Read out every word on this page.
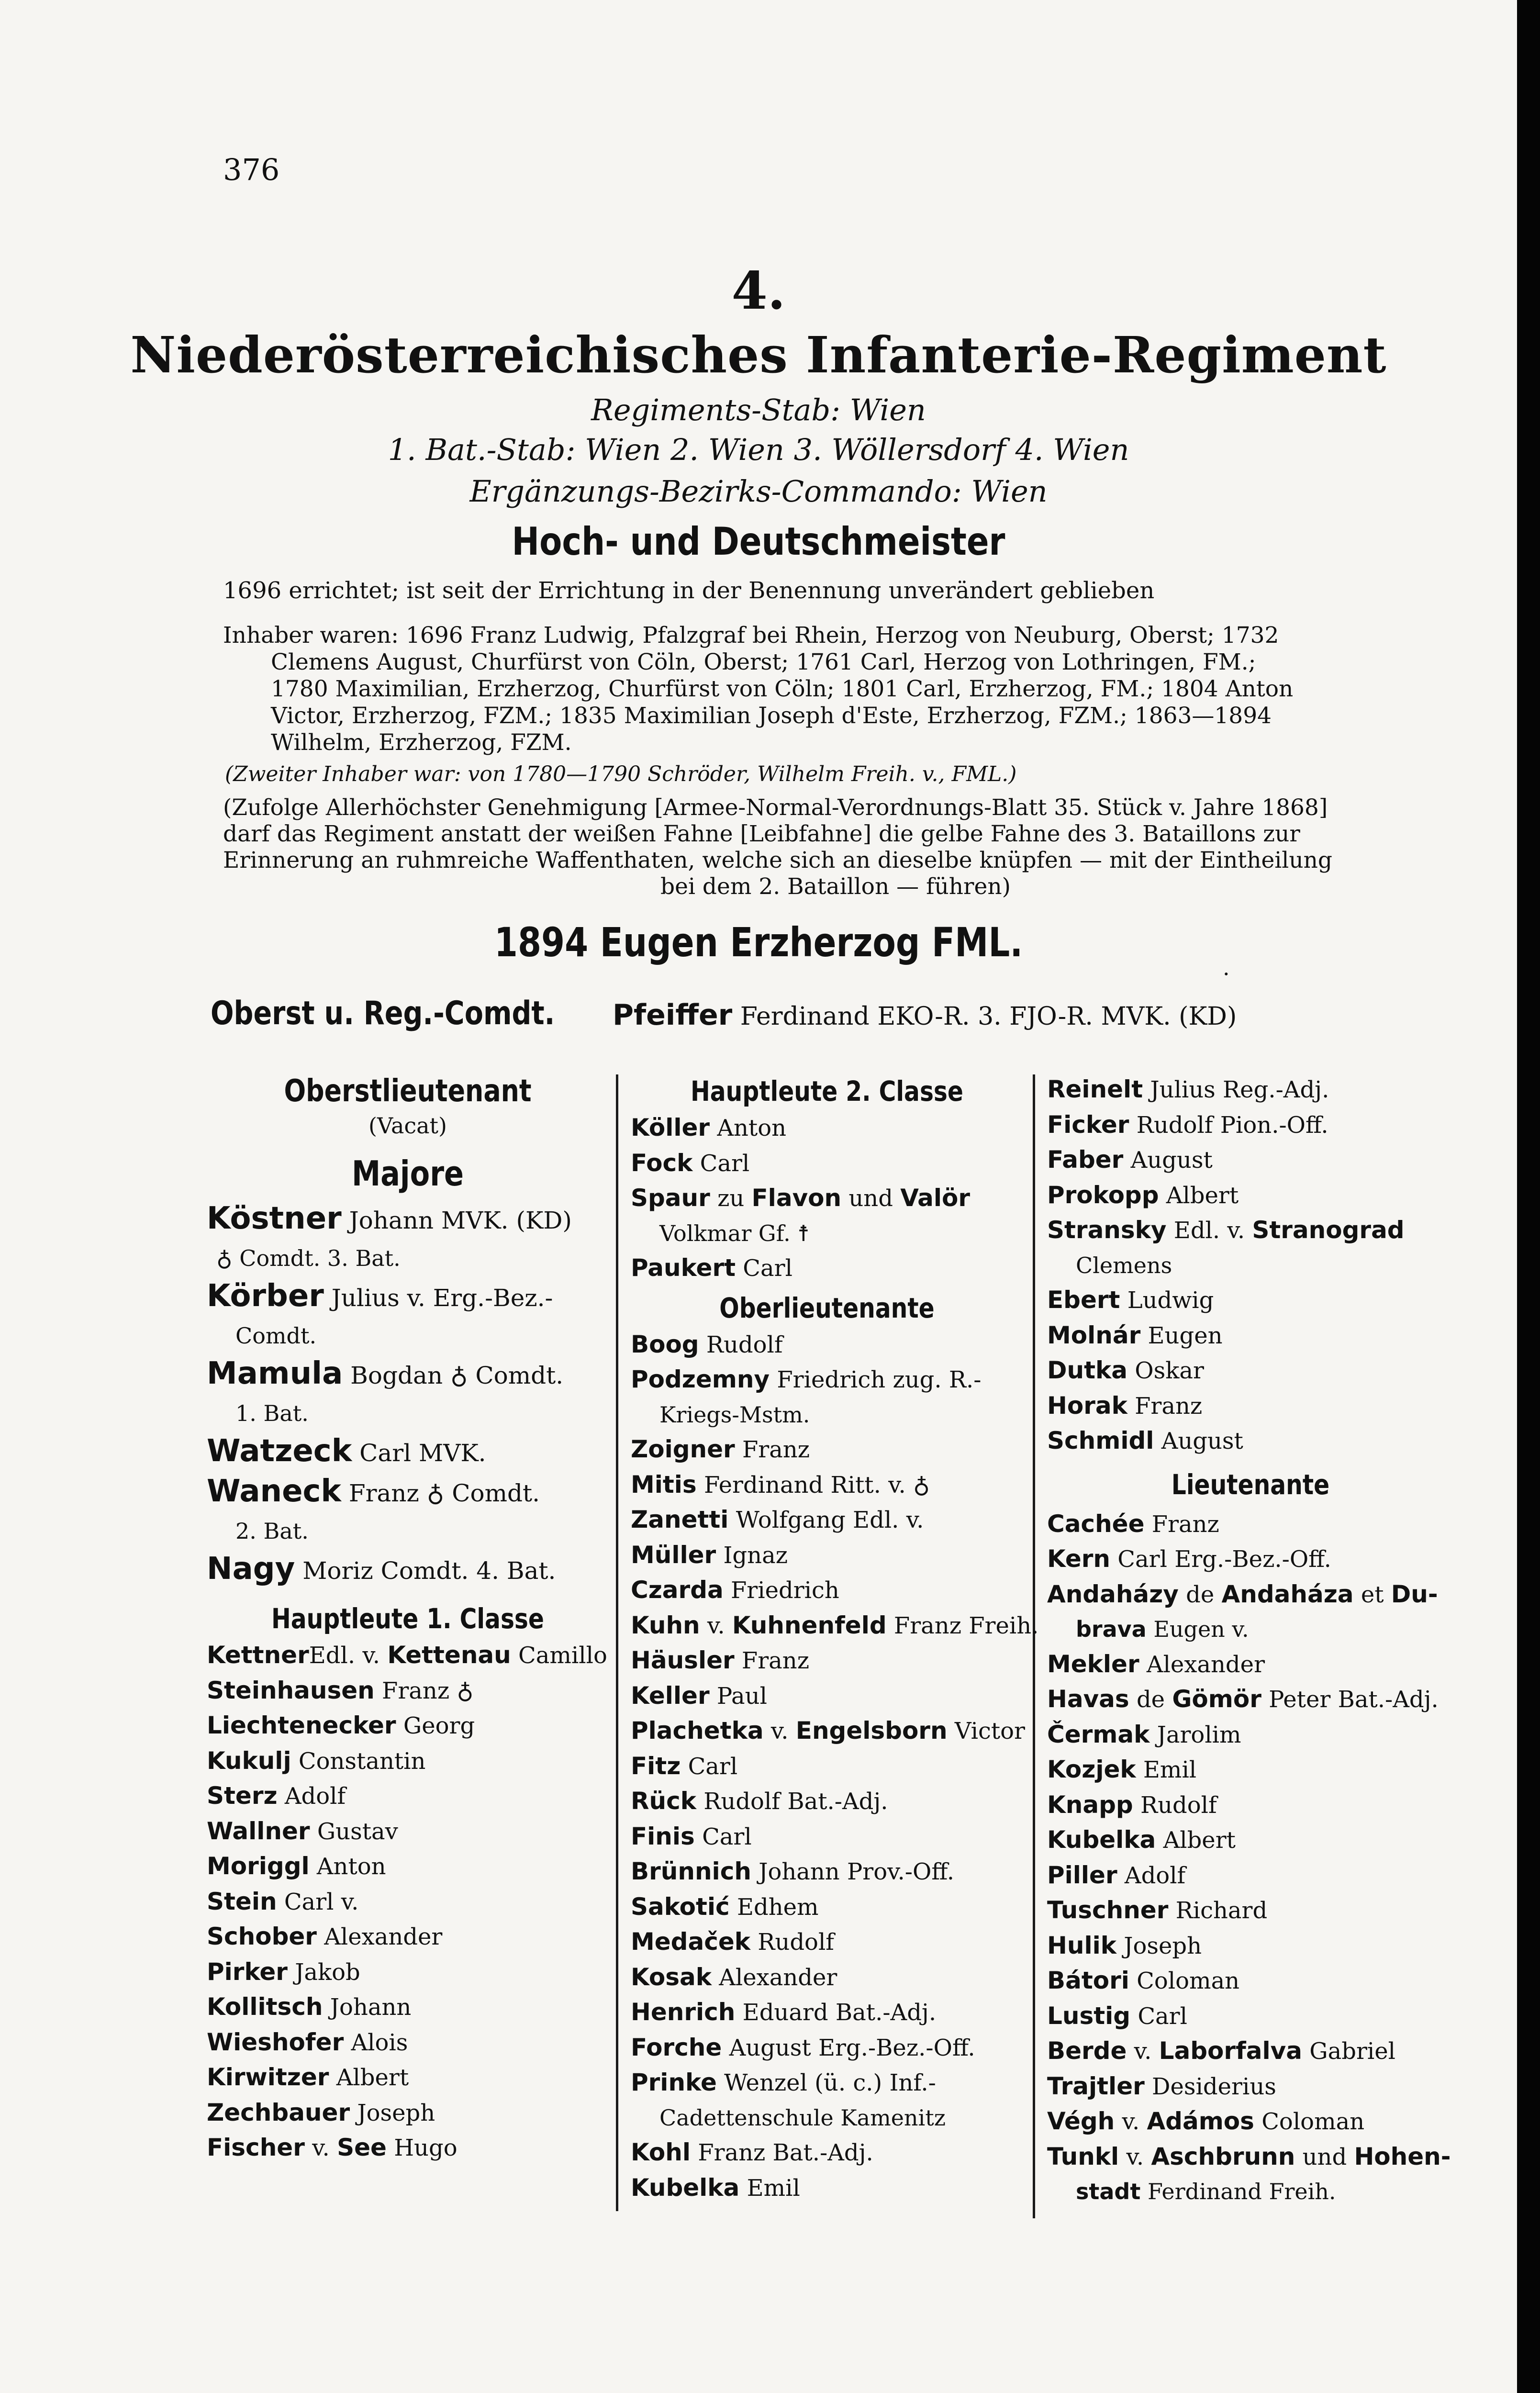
376
4.
Niederösterreichisches Infanterie-Regiment
Regiments-Stab: Wien
1. Bat.-Stab: Wien 2. Wien 3. Wöllersdorf 4. Wien
Ergänzungs-Bezirks-Commando: Wien
Hoch- und Deutschmeister
1696 errichtet; ist seit der Errichtung in der Benennung unverändert geblieben
Inhaber waren: 1696 Franz Ludwig, Pfalzgraf bei Rhein, Herzog von Neuburg, Oberst; 1732
Clemens August, Churfürst von Cöln, Oberst; 1761 Carl, Herzog von Lothringen, FM.;
1780 Maximilian, Erzherzog, Churfürst von Cöln; 1801 Carl, Erzherzog, FM.; 1804 Anton
Victor, Erzherzog, FZM.; 1835 Maximilian Joseph d'Este, Erzherzog, FZM.; 1863—1894
Wilhelm, Erzherzog, FZM.
(Zweiter Inhaber war: von 1780—1790 Schröder, Wilhelm Freih. v., FML.)
(Zufolge Allerhöchster Genehmigung [Armee-Normal-Verordnungs-Blatt 35. Stück v. Jahre 1868]
darf das Regiment anstatt der weißen Fahne [Leibfahne] die gelbe Fahne des 3. Bataillons zur
Erinnerung an ruhmreiche Waffenthaten, welche sich an dieselbe knüpfen — mit der Eintheilung
bei dem 2. Bataillon — führen)
1894 Eugen Erzherzog FML.
·
Oberst u. Reg.-Comdt. Pfeiffer Ferdinand EKO-R. 3. FJO-R. MVK. (KD)
Oberstlieutenant
(Vacat)
Majore
Köstner Johann MVK. (KD)
♁ Comdt. 3. Bat.
Körber Julius v. Erg.-Bez.-
Comdt.
Mamula Bogdan ♁ Comdt.
1. Bat.
Watzeck Carl MVK.
Waneck Franz ♁ Comdt.
2. Bat.
Nagy Moriz Comdt. 4. Bat.
Hauptleute 1. Classe
KettnerEdl. v. Kettenau Camillo
Steinhausen Franz ♁
Liechtenecker Georg
Kukulj Constantin
Sterz Adolf
Wallner Gustav
Moriggl Anton
Stein Carl v.
Schober Alexander
Pirker Jakob
Kollitsch Johann
Wieshofer Alois
Kirwitzer Albert
Zechbauer Joseph
Fischer v. See Hugo
Hauptleute 2. Classe
Köller Anton
Fock Carl
Spaur zu Flavon und Valör
Volkmar Gf. ☨
Paukert Carl
Oberlieutenante
Boog Rudolf
Podzemny Friedrich zug. R.-
Kriegs-Mstm.
Zoigner Franz
Mitis Ferdinand Ritt. v. ♁
Zanetti Wolfgang Edl. v.
Müller Ignaz
Czarda Friedrich
Kuhn v. Kuhnenfeld Franz Freih.
Häusler Franz
Keller Paul
Plachetka v. Engelsborn Victor
Fitz Carl
Rück Rudolf Bat.-Adj.
Finis Carl
Brünnich Johann Prov.-Off.
Sakotić Edhem
Medaček Rudolf
Kosak Alexander
Henrich Eduard Bat.-Adj.
Forche August Erg.-Bez.-Off.
Prinke Wenzel (ü. c.) Inf.-
Cadettenschule Kamenitz
Kohl Franz Bat.-Adj.
Kubelka Emil
Reinelt Julius Reg.-Adj.
Ficker Rudolf Pion.-Off.
Faber August
Prokopp Albert
Stransky Edl. v. Stranograd
Clemens
Ebert Ludwig
Molnár Eugen
Dutka Oskar
Horak Franz
Schmidl August
Lieutenante
Cachée Franz
Kern Carl Erg.-Bez.-Off.
Andaházy de Andaháza et Du-
brava Eugen v.
Mekler Alexander
Havas de Gömör Peter Bat.-Adj.
Čermak Jarolim
Kozjek Emil
Knapp Rudolf
Kubelka Albert
Piller Adolf
Tuschner Richard
Hulik Joseph
Bátori Coloman
Lustig Carl
Berde v. Laborfalva Gabriel
Trajtler Desiderius
Végh v. Adámos Coloman
Tunkl v. Aschbrunn und Hohen-
stadt Ferdinand Freih.
